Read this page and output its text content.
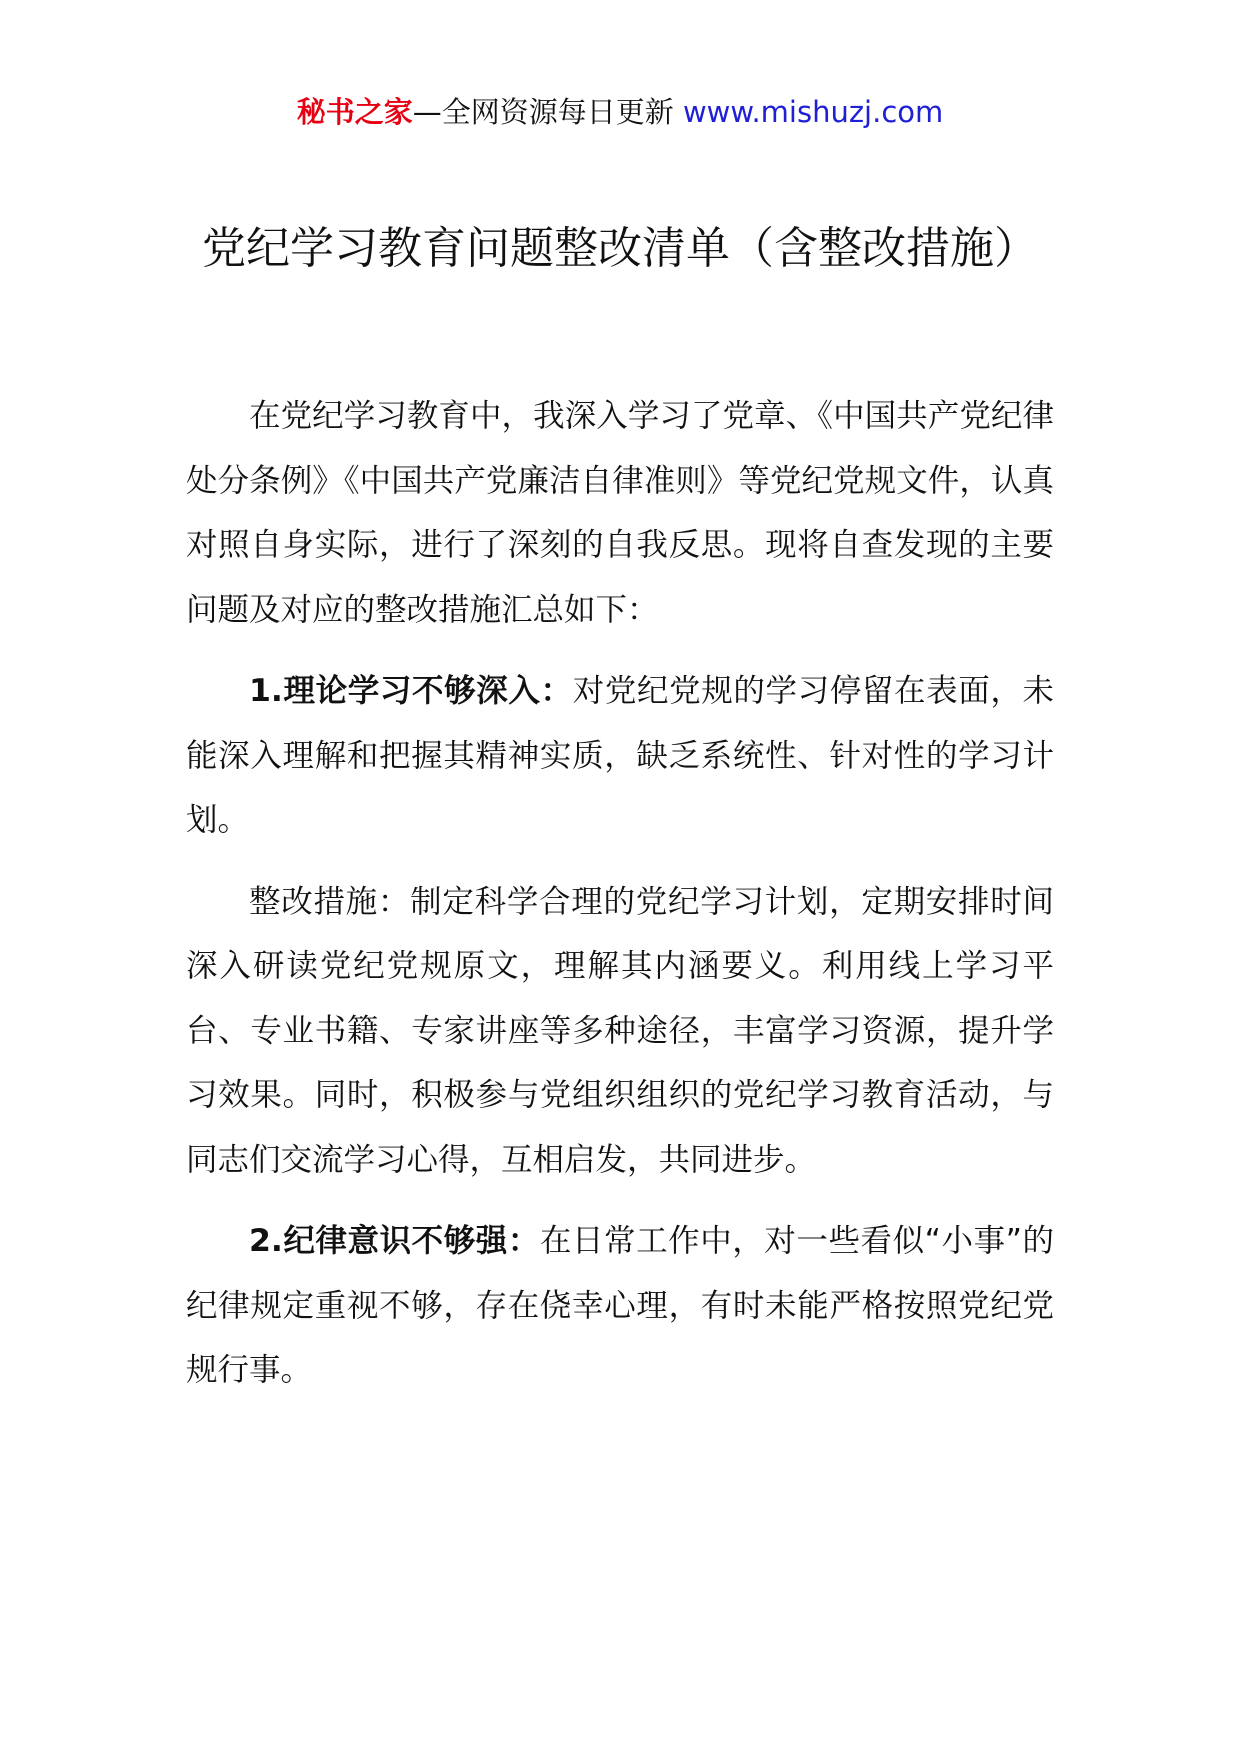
秘书之家—全网资源每日更新 www.mishuzj.com
党纪学习教育问题整改清单（含整改措施）

在党纪学习教育中，我深入学习了党章、《中国共产党纪律处分条例》《中国共产党廉洁自律准则》等党纪党规文件，认真对照自身实际，进行了深刻的自我反思。现将自查发现的主要问题及对应的整改措施汇总如下：

1.理论学习不够深入：对党纪党规的学习停留在表面，未能深入理解和把握其精神实质，缺乏系统性、针对性的学习计划。

整改措施：制定科学合理的党纪学习计划，定期安排时间深入研读党纪党规原文，理解其内涵要义。利用线上学习平台、专业书籍、专家讲座等多种途径，丰富学习资源，提升学习效果。同时，积极参与党组织组织的党纪学习教育活动，与同志们交流学习心得，互相启发，共同进步。

2.纪律意识不够强：在日常工作中，对一些看似“小事”的纪律规定重视不够，存在侥幸心理，有时未能严格按照党纪党规行事。
